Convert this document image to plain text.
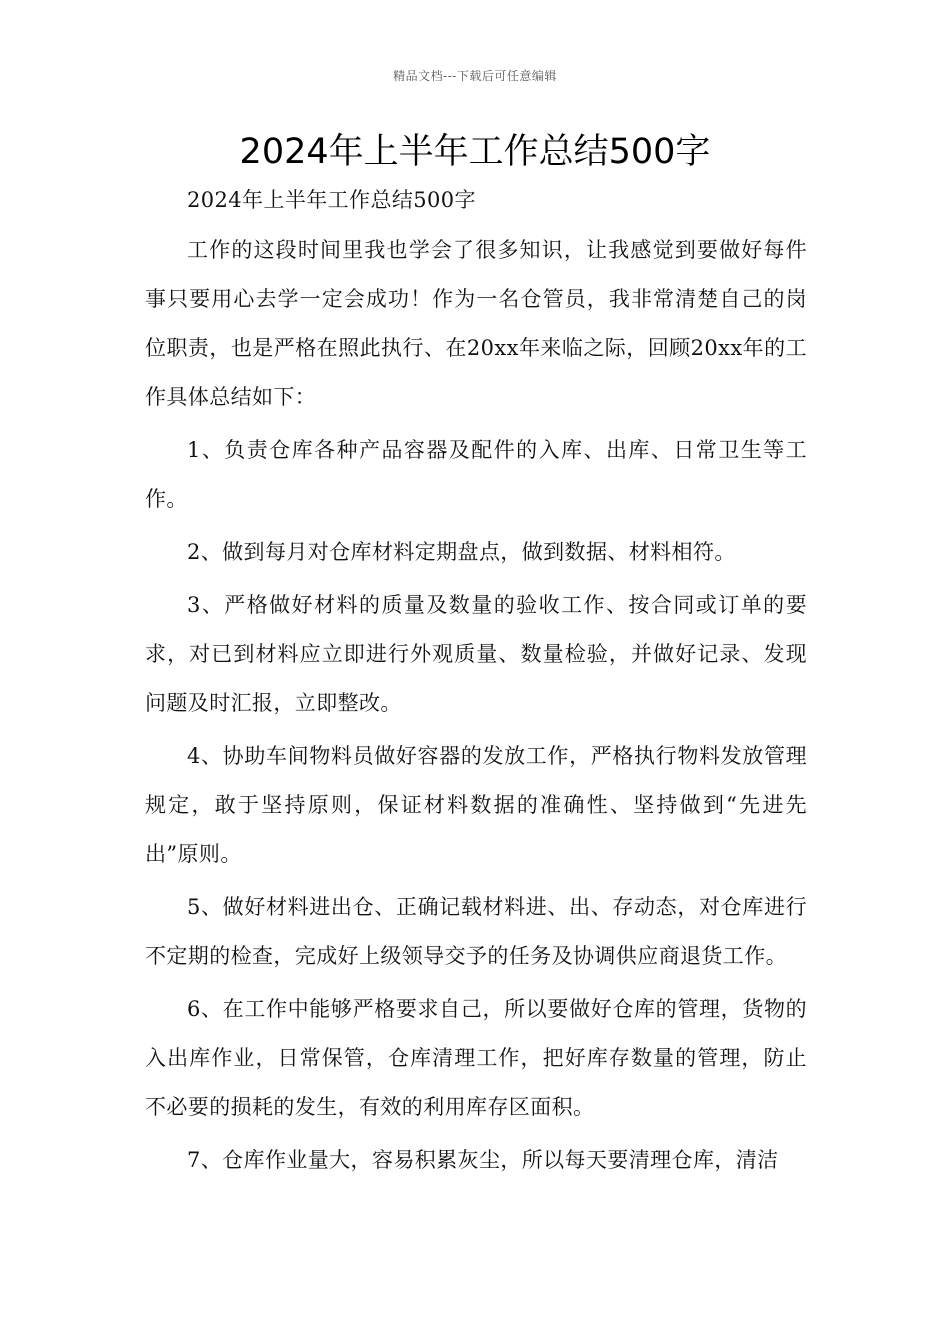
精品文档---下载后可任意编辑
2024年上半年工作总结500字

2024年上半年工作总结500字

工作的这段时间里我也学会了很多知识，让我感觉到要做好每件事只要用心去学一定会成功！作为一名仓管员，我非常清楚自己的岗位职责，也是严格在照此执行、在20xx年来临之际，回顾20xx年的工作具体总结如下：

1、负责仓库各种产品容器及配件的入库、出库、日常卫生等工作。

2、做到每月对仓库材料定期盘点，做到数据、材料相符。

3、严格做好材料的质量及数量的验收工作、按合同或订单的要求，对已到材料应立即进行外观质量、数量检验，并做好记录、发现问题及时汇报，立即整改。

4、协助车间物料员做好容器的发放工作，严格执行物料发放管理规定，敢于坚持原则，保证材料数据的准确性、坚持做到“先进先出”原则。

5、做好材料进出仓、正确记载材料进、出、存动态，对仓库进行不定期的检查，完成好上级领导交予的任务及协调供应商退货工作。

6、在工作中能够严格要求自己，所以要做好仓库的管理，货物的入出库作业，日常保管，仓库清理工作，把好库存数量的管理，防止不必要的损耗的发生，有效的利用库存区面积。

7、仓库作业量大，容易积累灰尘，所以每天要清理仓库，清洁
